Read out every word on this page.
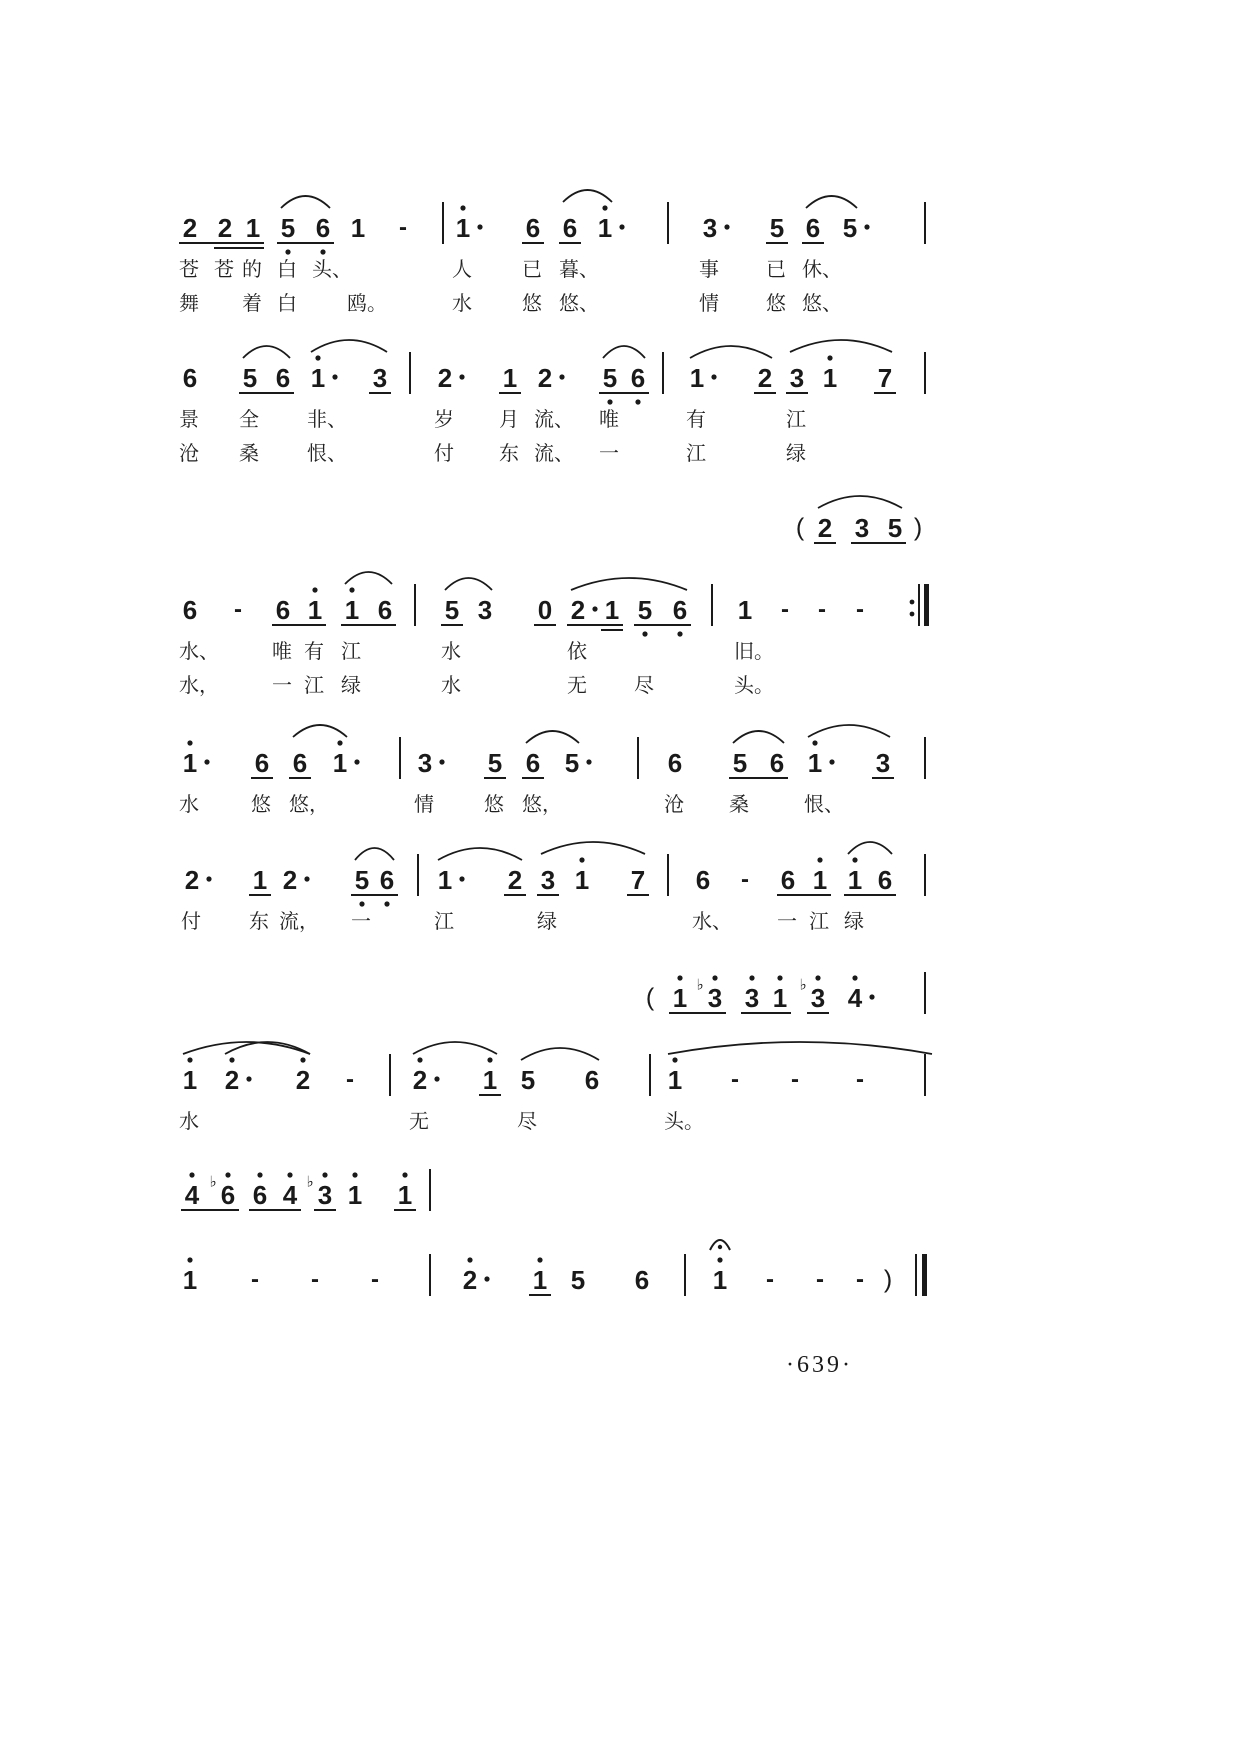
2 2 1 5 6 1 - 1 6 6 1	3 5 6 5
苍 苍 的 白 头、	人	已 暮、	事 已 休、
舞 着 白	鸥。	水	悠 悠、	情 悠 悠、
6 5 6 1 3 2 1 2 5 6 1 2 3 1 7
景 全 非、	岁 月 流、 唯	有	江
沧 桑 恨、	付 东 流、 一	江	绿
( 2 3 5 )
6 - 6 1 1 6 5 3 0 2 1 5 6 1 - - -
水、	唯 有 江	水	依	旧。
水，	一 江 绿	水	无 尽	头。
1 6 6 1	3 5 6 5	6 5 6 1 3
水	悠 悠，	情	悠 悠，	沧 桑	恨、
2 1 2 5 6 1 2 3 1 7 6 - 6 1 1 6
付 东 流， 一	江	绿	水、 一 江 绿
( 1 3
♭ 3 1 3
♭ 4
1 2 2 - 2 1 5 6	1 - - -
水	无	尽	头。
4 6
♭ 6 4 3
♭ 1 1
1 - - -	2 1 5 6 1 - - - )
·639·
